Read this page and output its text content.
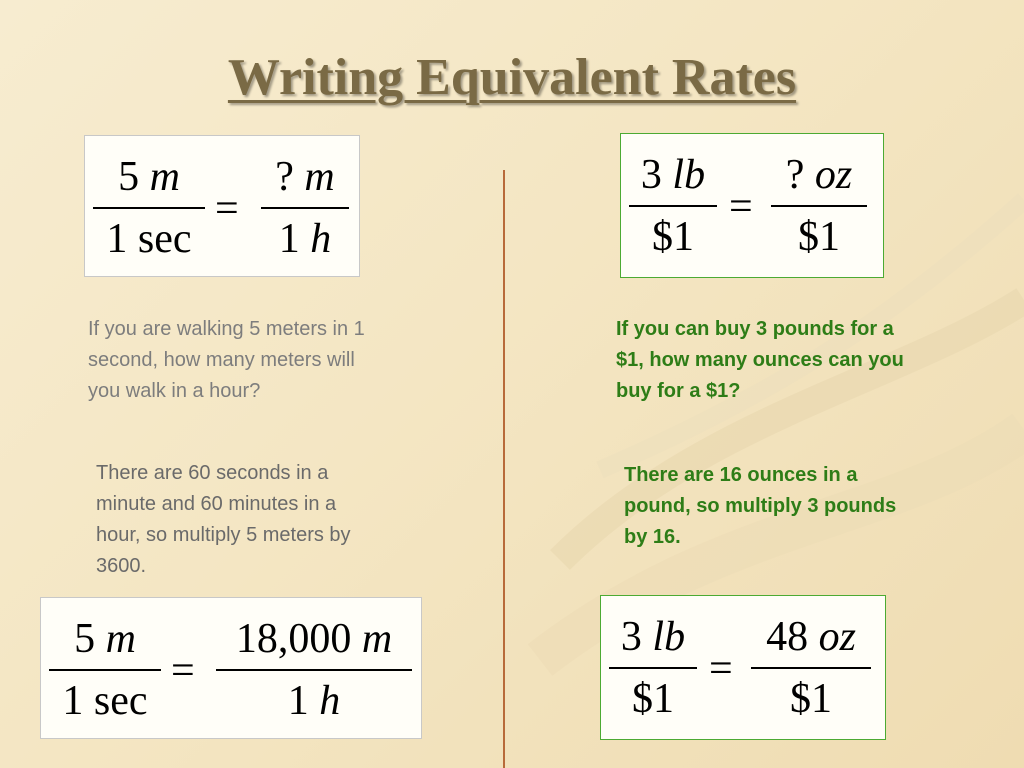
Writing Equivalent Rates
5 m
1 sec
=
? m
1 h
3 lb
$1
=
? oz
$1
If you are walking 5 meters in 1 second, how many meters will you walk in a hour?
There are 60 seconds in a minute and 60 minutes in a hour, so multiply 5 meters by 3600.
If you can buy 3 pounds for a $1, how many ounces can you buy for a $1?
There are 16 ounces in a pound, so multiply 3 pounds by 16.
5 m
1 sec
=
18,000 m
1 h
3 lb
$1
=
48 oz
$1
